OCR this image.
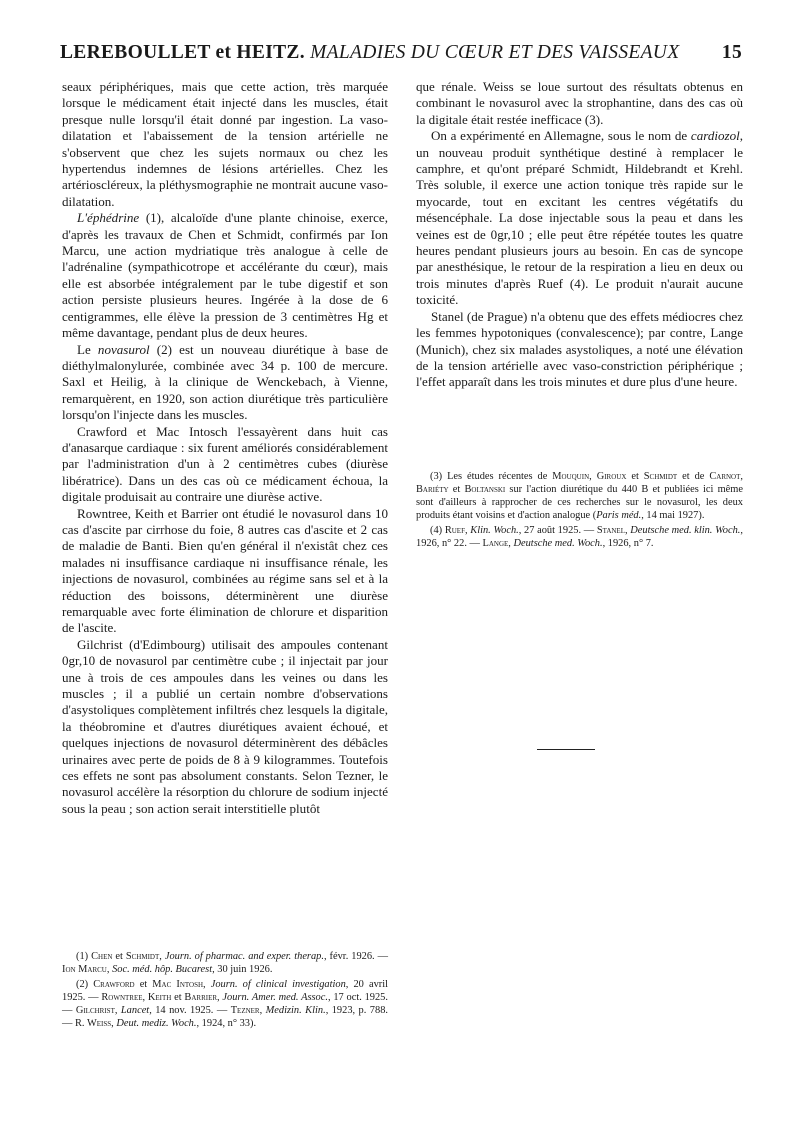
LEREBOULLET et HEITZ. MALADIES DU CŒUR ET DES VAISSEAUX 15

seaux périphériques, mais que cette action, très marquée lorsque le médicament était injecté dans les muscles, était presque nulle lorsqu'il était donné par ingestion. La vaso-dilatation et l'abaissement de la tension artérielle ne s'observent que chez les sujets normaux ou chez les hypertendus indemnes de lésions artérielles. Chez les artérioscléreux, la pléthysmographie ne montrait aucune vaso-dilatation.

L'éphédrine (1), alcaloïde d'une plante chinoise, exerce, d'après les travaux de Chen et Schmidt, confirmés par Ion Marcu, une action mydriatique très analogue à celle de l'adrénaline (sympathicotrope et accélérante du cœur), mais elle est absorbée intégralement par le tube digestif et son action persiste plusieurs heures. Ingérée à la dose de 6 centigrammes, elle élève la pression de 3 centimètres Hg et même davantage, pendant plus de deux heures.

Le novasurol (2) est un nouveau diurétique à base de diéthylmalonylurée, combinée avec 34 p. 100 de mercure. Saxl et Heilig, à la clinique de Wenckebach, à Vienne, remarquèrent, en 1920, son action diurétique très particulière lorsqu'on l'injecte dans les muscles.

Crawford et Mac Intosch l'essayèrent dans huit cas d'anasarque cardiaque : six furent améliorés considérablement par l'administration d'un à 2 centimètres cubes (diurèse libératrice). Dans un des cas où ce médicament échoua, la digitale produisait au contraire une diurèse active.

Rowntree, Keith et Barrier ont étudié le novasurol dans 10 cas d'ascite par cirrhose du foie, 8 autres cas d'ascite et 2 cas de maladie de Banti. Bien qu'en général il n'existât chez ces malades ni insuffisance cardiaque ni insuffisance rénale, les injections de novasurol, combinées au régime sans sel et à la réduction des boissons, déterminèrent une diurèse remarquable avec forte élimination de chlorure et disparition de l'ascite.

Gilchrist (d'Edimbourg) utilisait des ampoules contenant 0gr,10 de novasurol par centimètre cube ; il injectait par jour une à trois de ces ampoules dans les veines ou dans les muscles ; il a publié un certain nombre d'observations d'asystoliques complètement infiltrés chez lesquels la digitale, la théobromine et d'autres diurétiques avaient échoué, et quelques injections de novasurol déterminèrent des débâcles urinaires avec perte de poids de 8 à 9 kilogrammes. Toutefois ces effets ne sont pas absolument constants. Selon Tezner, le novasurol accélère la résorption du chlorure de sodium injecté sous la peau ; son action serait interstitielle plutôt

que rénale. Weiss se loue surtout des résultats obtenus en combinant le novasurol avec la strophantine, dans des cas où la digitale était restée inefficace (3).

On a expérimenté en Allemagne, sous le nom de cardiozol, un nouveau produit synthétique destiné à remplacer le camphre, et qu'ont préparé Schmidt, Hildebrandt et Krehl. Très soluble, il exerce une action tonique très rapide sur le myocarde, tout en excitant les centres végétatifs du mésencéphale. La dose injectable sous la peau et dans les veines est de 0gr,10 ; elle peut être répétée toutes les quatre heures pendant plusieurs jours au besoin. En cas de syncope par anesthésique, le retour de la respiration a lieu en deux ou trois minutes d'après Ruef (4). Le produit n'aurait aucune toxicité.

Stanel (de Prague) n'a obtenu que des effets médiocres chez les femmes hypotoniques (convalescence); par contre, Lange (Munich), chez six malades asystoliques, a noté une élévation de la tension artérielle avec vaso-constriction périphérique ; l'effet apparaît dans les trois minutes et dure plus d'une heure.

(3) Les études récentes de Mouquin, Giroux et Schmidt et de Carnot, Bariéty et Boltanski sur l'action diurétique du 440 B et publiées ici même sont d'ailleurs à rapprocher de ces recherches sur le novasurol, les deux produits étant voisins et d'action analogue (Paris méd., 14 mai 1927).

(4) Ruef, Klin. Woch., 27 août 1925. — Stanel, Deutsche med. klin. Woch., 1926, n° 22. — Lange, Deutsche med. Woch., 1926, n° 7.

(1) Chen et Schmidt, Journ. of pharmac. and exper. therap., févr. 1926. — Ion Marcu, Soc. méd. hôp. Bucarest, 30 juin 1926.

(2) Crawford et Mac Intosh, Journ. of clinical investigation, 20 avril 1925. — Rowntree, Keith et Barrier, Journ. Amer. med. Assoc., 17 oct. 1925. — Gilchrist, Lancet, 14 nov. 1925. — Tezner, Medizin. Klin., 1923, p. 788. — R. Weiss, Deut. mediz. Woch., 1924, n° 33).
